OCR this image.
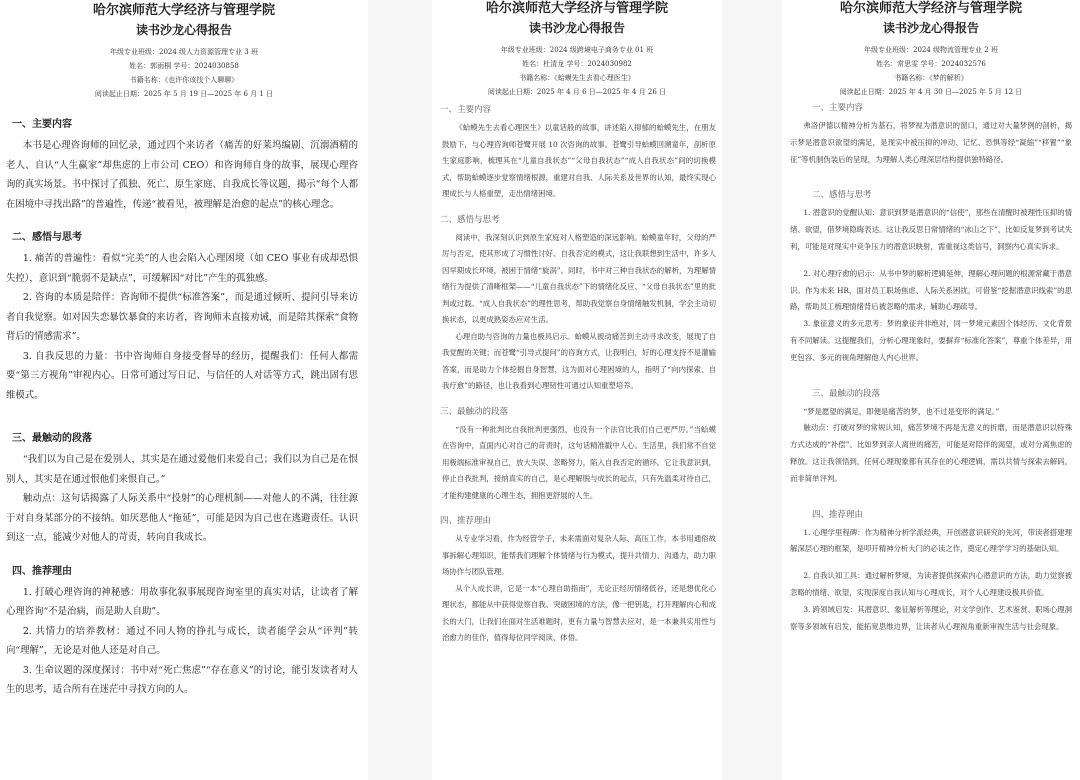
哈尔滨师范大学经济与管理学院

读书沙龙心得报告

年级专业班级：2024 级人力资源管理专业 3 班
姓名：郭雨桐 学号：2024030858
书籍名称：《也许你该找个人聊聊》
阅读起止日期：2025 年 5 月 19 日—2025 年 6 月 1 日
一、主要内容

本书是心理咨询师的回忆录，通过四个来访者（痛苦的好莱坞编剧、沉溺酒精的老人、自认“人生赢家”却焦虑的上市公司 CEO）和咨询师自身的故事，展现心理咨询的真实场景。书中探讨了孤独、死亡、原生家庭、自我成长等议题，揭示“每个人都在困境中寻找出路”的普遍性，传递“被看见，被理解是治愈的起点”的核心理念。

二、感悟与思考

1. 痛苦的普遍性：看似“完美”的人也会陷入心理困境（如 CEO 事业有成却恐惧失控），意识到“脆弱不是缺点”，可缓解因“对比”产生的孤独感。

2. 咨询的本质是陪伴：咨询师不提供“标准答案”，而是通过倾听、提问引导来访者自我觉察。如对因失恋暴饮暴食的来访者，咨询师未直接劝诫，而是陪其探索“食物背后的情感需求”。

3. 自我反思的力量：书中咨询师自身接受督导的经历，提醒我们：任何人都需要“第三方视角”审视内心。日常可通过写日记、与信任的人对话等方式，跳出固有思维模式。

三、最触动的段落

“我们以为自己是在爱别人，其实是在通过爱他们来爱自己；我们以为自己是在恨别人，其实是在通过恨他们来恨自己。”

触动点：这句话揭露了人际关系中“投射”的心理机制——对他人的不满，往往源于对自身某部分的不接纳。如厌恶他人“拖延”，可能是因为自己也在逃避责任。认识到这一点，能减少对他人的苛责，转向自我成长。

四、推荐理由

1. 打破心理咨询的神秘感：用故事化叙事展现咨询室里的真实对话，让读者了解心理咨询“不是治病，而是助人自助”。

2. 共情力的培养教材：通过不同人物的挣扎与成长，读者能学会从“评判”转向“理解”，无论是对他人还是对自己。

3. 生命议题的深度探讨：书中对“死亡焦虑”“存在意义”的讨论，能引发读者对人生的思考，适合所有在迷茫中寻找方向的人。

哈尔滨师范大学经济与管理学院

读书沙龙心得报告

年级专业班级：2024 级跨境电子商务专业 01 班
姓名：杜清龙 学号：2024030982
书籍名称：《蛤蟆先生去看心理医生》
阅读起止日期：2025 年 4 月 6 日—2025 年 4 月 26 日
一、主要内容

《蛤蟆先生去看心理医生》以童话般的故事，讲述陷入抑郁的蛤蟆先生，在朋友鼓励下，与心理咨询师苍鹭开展 10 次咨询的故事。苍鹭引导蛤蟆回溯童年，剖析原生家庭影响，梳理其在“儿童自我状态”“父母自我状态”“成人自我状态”间的切换模式，帮助蛤蟆逐步觉察情绪根源，重建对自我、人际关系及世界的认知，最终实现心理成长与人格重塑，走出情绪困境。

二、感悟与思考

阅读中，我深刻认识到原生家庭对人格塑造的深远影响。蛤蟆童年时，父母的严厉与否定，使其形成了习惯性讨好、自我否定的模式，这让我联想到生活中，许多人因早期成长环境，被困于情绪“旋涡”。同时，书中对三种自我状态的解析，为理解情绪行为提供了清晰框架——“儿童自我状态”下的情绪化反应、“父母自我状态”里的批判或过载、“成人自我状态”的理性思考，帮助我觉察自身情绪触发机制，学会主动切换状态，以更成熟姿态应对生活。

心理自助与咨询的力量也极具启示。蛤蟆从被动痛苦到主动寻求改变，展现了自我觉醒的关键；而苍鹭“引导式提问”的咨询方式，让我明白，好的心理支持不是灌输答案，而是助力个体挖掘自身智慧，这为面对心理困境的人，指明了“向内探索、自我疗愈”的路径，也让我看到心理韧性可通过认知重塑培养。

三、最触动的段落

“没有一种批判比自我批判更强烈，也没有一个法官比我们自己更严厉。”当蛤蟆在咨询中，直面内心对自己的苛责时，这句话精准戳中人心。生活里，我们常不自觉用极端标准审视自己，放大失误、忽略努力，陷入自我否定的循环。它让我意识到，停止自我批判，接纳真实的自己，是心理解脱与成长的起点，只有先温柔对待自己，才能构建健康的心理生态，拥抱更舒展的人生。

四、推荐理由

从专业学习看，作为经管学子，未来需面对复杂人际、高压工作，本书用通俗故事拆解心理知识，能帮我们理解个体情绪与行为模式，提升共情力、沟通力，助力职场协作与团队管理。

从个人成长讲，它是一本“心理自助指南”，无论正经历情绪低谷，还是想优化心理状态，都能从中获得觉察自我、突破困境的方法，像一把钥匙，打开理解内心和成长的大门，让我们在面对生活难题时，更有力量与智慧去应对，是一本兼具实用性与治愈力的佳作，值得每位同学阅读、体悟。

哈尔滨师范大学经济与管理学院

读书沙龙心得报告

年级专业班级：2024 级物流管理专业 2 班
姓名：常思雯 学号：2024032576
书籍名称：《梦的解析》
阅读起止日期：2025 年 4 月 30 日—2025 年 5 月 12 日
一、主要内容

弗洛伊德以精神分析为基石，将梦视为潜意识的窗口，通过对大量梦例的剖析，揭示梦是潜意识欲望的满足，是现实中被压抑的冲动、记忆、恐惧等经“凝缩”“移置”“象征”等机制伪装后的呈现，为理解人类心理深层结构提供独特路径。

二、感悟与思考

1. 潜意识的觉醒认知：意识到梦是潜意识的“信使”，那些在清醒时被理性压抑的情绪、欲望，借梦境隐晦表达。这让我反思日常情绪的“冰山之下”，比如反复梦到考试失利，可能是对现实中竞争压力的潜意识映射，需重视这类信号，洞察内心真实诉求。

2. 对心理疗愈的启示：从书中梦的解析逻辑延伸，理解心理问题的根源常藏于潜意识。作为未来 HR，面对员工职场焦虑、人际关系困扰，可借鉴“挖掘潜意识线索”的思路，帮助员工梳理情绪背后被忽略的需求，辅助心理疏导。

3. 象征意义的多元思考：梦的象征并非绝对，同一梦境元素因个体经历、文化背景有不同解读。这提醒我们，分析心理现象时，要摒弃“标准化答案”，尊重个体差异，用更包容、多元的视角理解他人内心世界。

三、最触动的段落

“梦是愿望的满足，即便是痛苦的梦，也不过是变形的满足。”

触动点：打破对梦的常规认知，痛苦梦境不再是无意义的折磨，而是潜意识以特殊方式达成的“补偿”。比如梦到亲人离世的痛苦，可能是对陪伴的渴望，或对分离焦虑的释放。这让我领悟到，任何心理现象都有其存在的心理逻辑，需以共情与探索去解码，而非简单评判。

四、推荐理由

1. 心理学里程碑：作为精神分析学派经典，开创潜意识研究的先河，带读者搭建理解深层心理的框架，是叩开精神分析大门的必读之作，奠定心理学学习的基础认知。

2. 自我认知工具：通过解析梦境，为读者提供探索内心潜意识的方法，助力觉察被忽略的情绪、欲望，实现深度自我认知与心理成长，对个人心理建设极具价值。

3. 跨领域启发：其潜意识、象征解析等理论，对文学创作、艺术鉴赏、职场心理洞察等多领域有启发，能拓宽思维边界，让读者从心理视角重新审视生活与社会现象。
